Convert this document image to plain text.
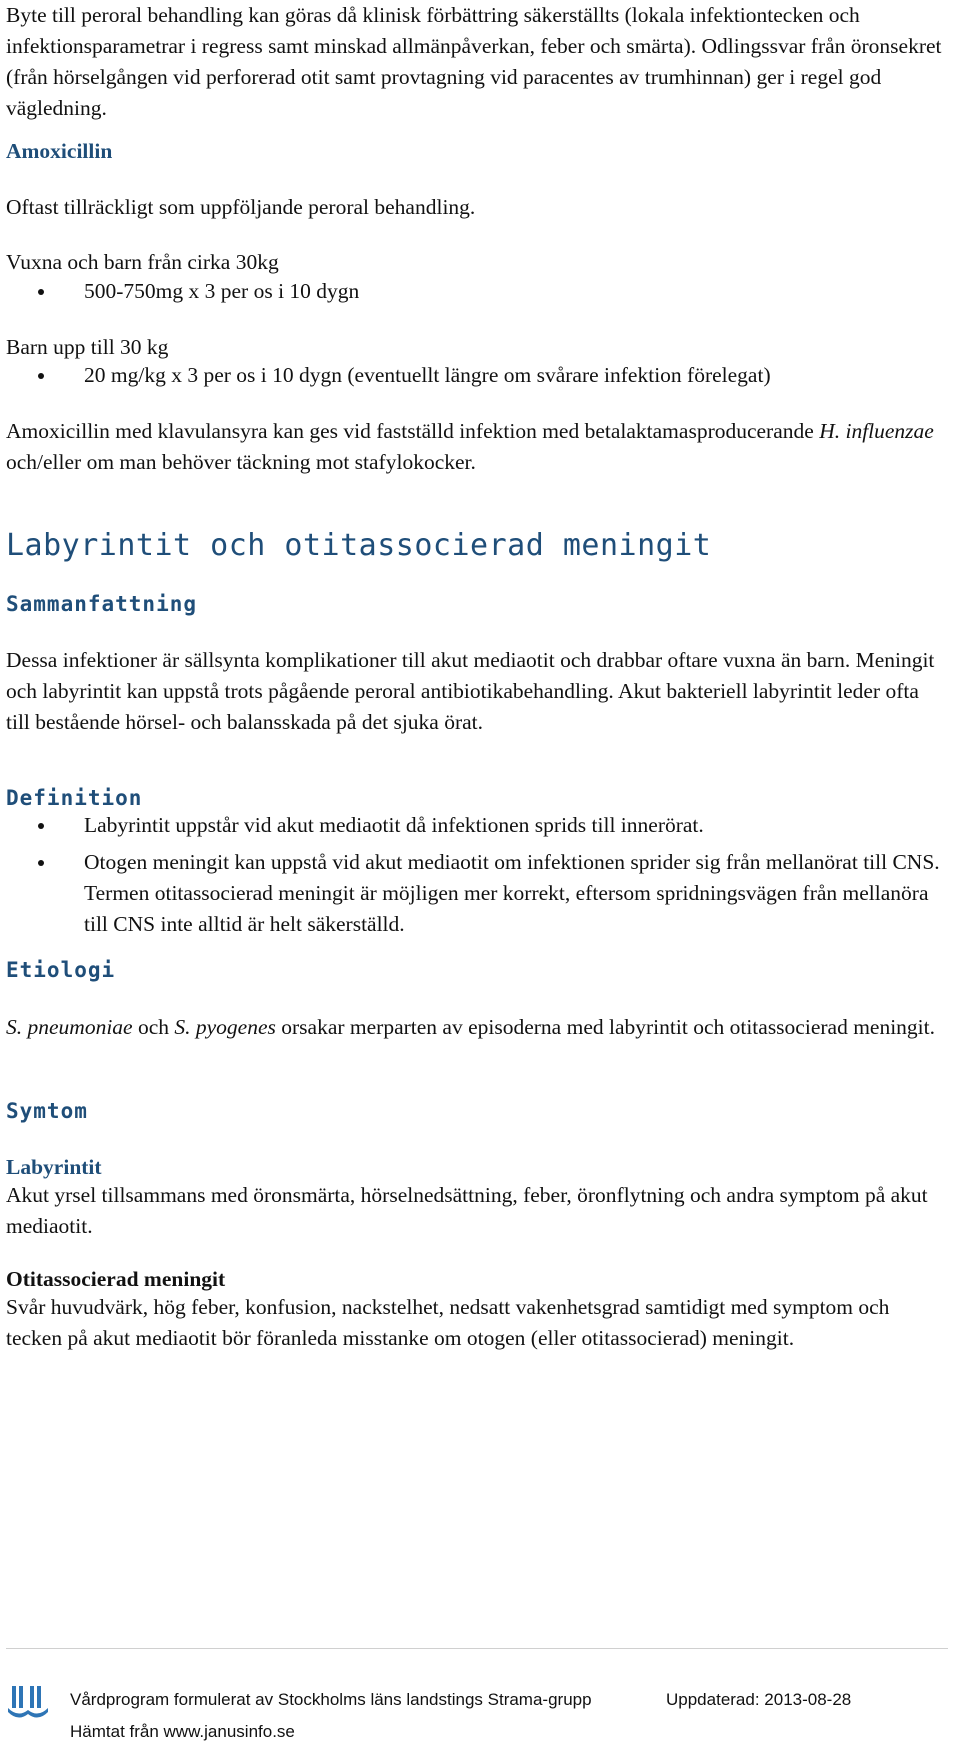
Byte till peroral behandling kan göras då klinisk förbättring säkerställts (lokala infektiontecken och infektionsparametrar i regress samt minskad allmänpåverkan, feber och smärta). Odlingssvar från öronsekret (från hörselgången vid perforerad otit samt provtagning vid paracentes av trumhinnan) ger i regel god vägledning.

Amoxicillin

Oftast tillräckligt som uppföljande peroral behandling.

Vuxna och barn från cirka 30kg

500-750mg x 3 per os i 10 dygn

Barn upp till 30 kg

20 mg/kg x 3 per os i 10 dygn (eventuellt längre om svårare infektion förelegat)

Amoxicillin med klavulansyra kan ges vid fastställd infektion med betalaktamasproducerande H. influenzae och/eller om man behöver täckning mot stafylokocker.

Labyrintit och otitassocierad meningit
Sammanfattning

Dessa infektioner är sällsynta komplikationer till akut mediaotit och drabbar oftare vuxna än barn. Meningit och labyrintit kan uppstå trots pågående peroral antibiotikabehandling. Akut bakteriell labyrintit leder ofta till bestående hörsel- och balansskada på det sjuka örat.

Definition
Labyrintit uppstår vid akut mediaotit då infektionen sprids till innerörat.
Otogen meningit kan uppstå vid akut mediaotit om infektionen sprider sig från mellanörat till CNS. Termen otitassocierad meningit är möjligen mer korrekt, eftersom spridningsvägen från mellanöra till CNS inte alltid är helt säkerställd.
Etiologi

S. pneumoniae och S. pyogenes orsakar merparten av episoderna med labyrintit och otitassocierad meningit.

Symtom
Labyrintit

Akut yrsel tillsammans med öronsmärta, hörselnedsättning, feber, öronflytning och andra symptom på akut mediaotit.

Otitassocierad meningit

Svår huvudvärk, hög feber, konfusion, nackstelhet, nedsatt vakenhetsgrad samtidigt med symptom och tecken på akut mediaotit bör föranleda misstanke om otogen (eller otitassocierad) meningit.

Vårdprogram formulerat av Stockholms läns landstings Strama-grupp	Uppdaterad: 2013-08-28
Hämtat från www.janusinfo.se
